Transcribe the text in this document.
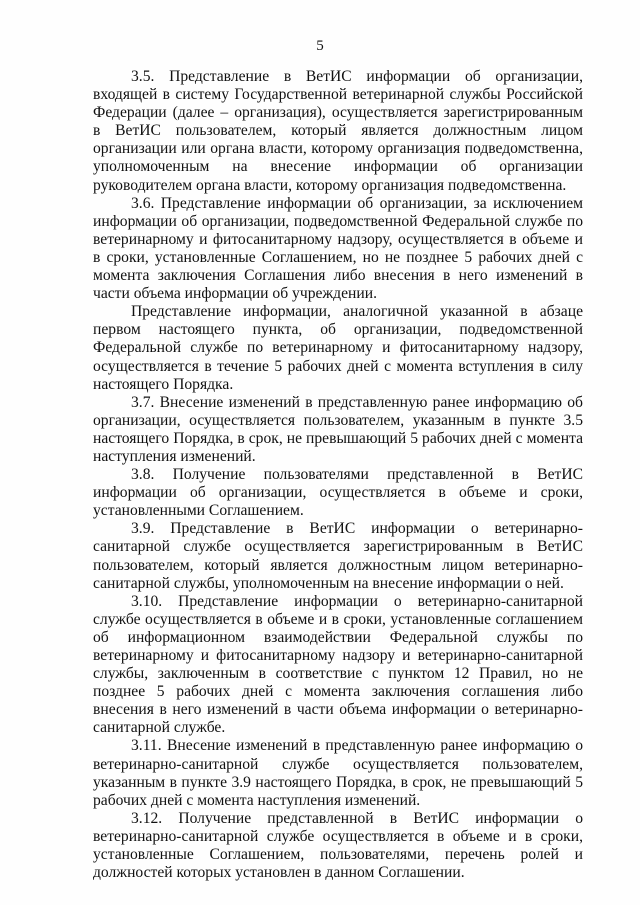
5

3.5. Представление в ВетИС информации об организации, входящей в систему Государственной ветеринарной службы Российской Федерации (далее – организация), осуществляется зарегистрированным в ВетИС пользователем, который является должностным лицом организации или органа власти, которому организация подведомственна, уполномоченным на внесение информации об организации руководителем органа власти, которому организация подведомственна.

3.6. Представление информации об организации, за исключением информации об организации, подведомственной Федеральной службе по ветеринарному и фитосанитарному надзору, осуществляется в объеме и в сроки, установленные Соглашением, но не позднее 5 рабочих дней с момента заключения Соглашения либо внесения в него изменений в части объема информации об учреждении.

Представление информации, аналогичной указанной в абзаце первом настоящего пункта, об организации, подведомственной Федеральной службе по ветеринарному и фитосанитарному надзору, осуществляется в течение 5 рабочих дней с момента вступления в силу настоящего Порядка.

3.7. Внесение изменений в представленную ранее информацию об организации, осуществляется пользователем, указанным в пункте 3.5 настоящего Порядка, в срок, не превышающий 5 рабочих дней с момента наступления изменений.

3.8. Получение пользователями представленной в ВетИС информации об организации, осуществляется в объеме и сроки, установленными Соглашением.

3.9. Представление в ВетИС информации о ветеринарно-санитарной службе осуществляется зарегистрированным в ВетИС пользователем, который является должностным лицом ветеринарно-санитарной службы, уполномоченным на внесение информации о ней.

3.10. Представление информации о ветеринарно-санитарной службе осуществляется в объеме и в сроки, установленные соглашением об информационном взаимодействии Федеральной службы по ветеринарному и фитосанитарному надзору и ветеринарно-санитарной службы, заключенным в соответствие с пунктом 12 Правил, но не позднее 5 рабочих дней с момента заключения соглашения либо внесения в него изменений в части объема информации о ветеринарно-санитарной службе.

3.11. Внесение изменений в представленную ранее информацию о ветеринарно-санитарной службе осуществляется пользователем, указанным в пункте 3.9 настоящего Порядка, в срок, не превышающий 5 рабочих дней с момента наступления изменений.

3.12. Получение представленной в ВетИС информации о ветеринарно-санитарной службе осуществляется в объеме и в сроки, установленные Соглашением, пользователями, перечень ролей и должностей которых установлен в данном Соглашении.
